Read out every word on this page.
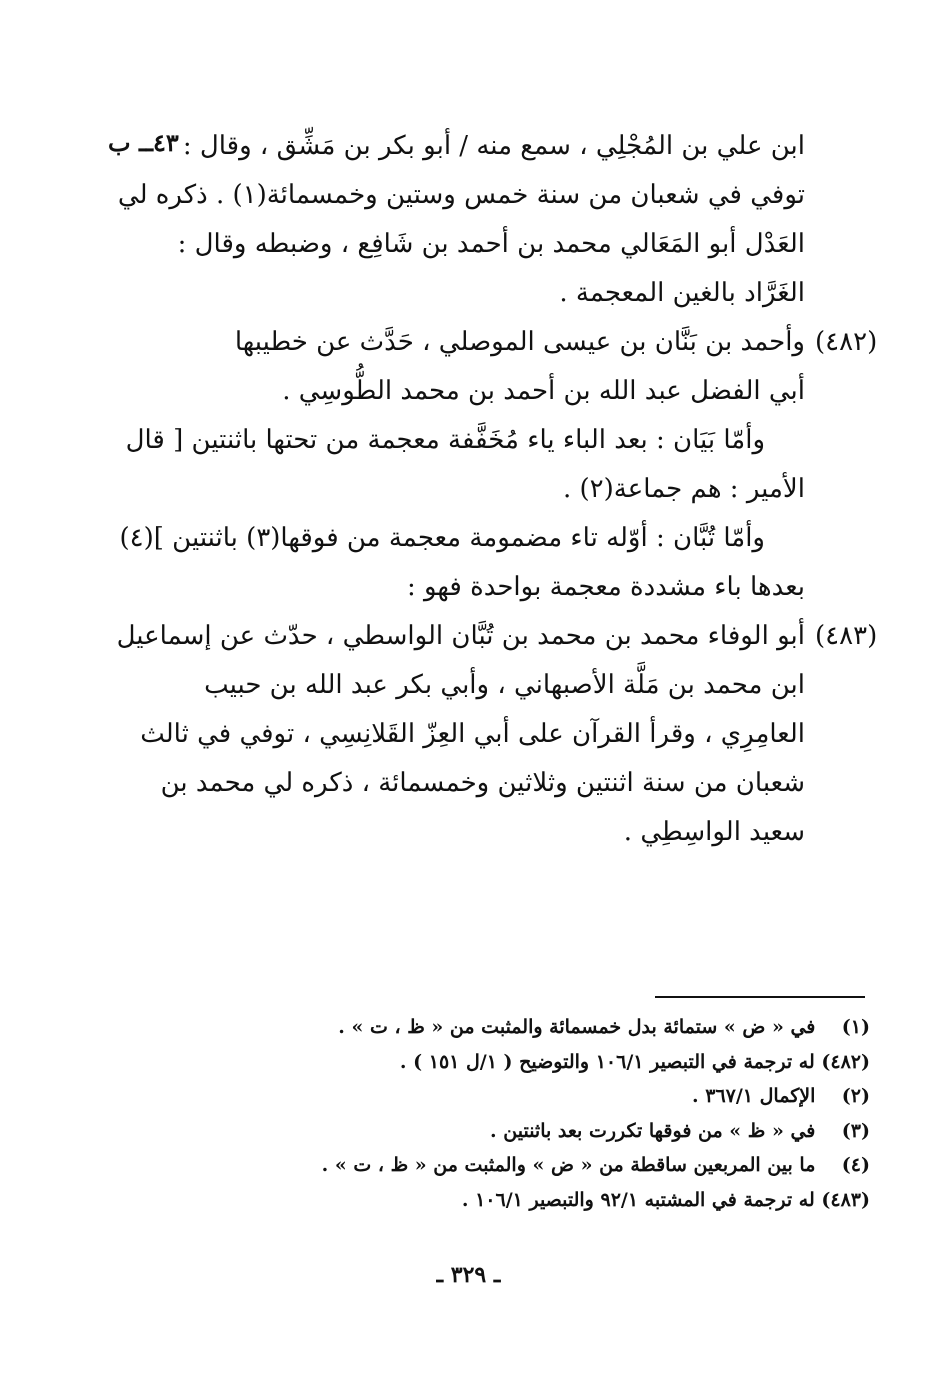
٤٣ــ ب ابن علي بن المُجْلِي ، سمع منه / أبو بكر بن مَشِّق ، وقال :
توفي في شعبان من سنة خمس وستين وخمسمائة(١) . ذكره لي
العَدْل أبو المَعَالي محمد بن أحمد بن شَافِع ، وضبطه وقال :
الغَرَّاد بالغين المعجمة .
(٤٨٢)
وأحمد بن بَنَّان بن عيسى الموصلي ، حَدَّث عن خطيبها
أبي الفضل عبد الله بن أحمد بن محمد الطُّوسِي .
وأمّا بَيَان : بعد الباء ياء مُخَفَّفة معجمة من تحتها باثنتين [ قال
الأمير : هم جماعة(٢) .
وأمّا تُبَّان : أوّله تاء مضمومة معجمة من فوقها(٣) باثنتين ](٤)
بعدها باء مشددة معجمة بواحدة فهو :
(٤٨٣)
أبو الوفاء محمد بن محمد بن تُبَّان الواسطي ، حدّث عن إسماعيل
ابن محمد بن مَلَّة الأصبهاني ، وأبي بكر عبد الله بن حبيب
العامِرِي ، وقرأ القرآن على أبي العِزّ القَلانِسِي ، توفي في ثالث
شعبان من سنة اثنتين وثلاثين وخمسمائة ، ذكره لي محمد بن
سعيد الواسِطِي .
(١) في « ض » ستمائة بدل خمسمائة والمثبت من « ظ ، ت » .
(٤٨٢) له ترجمة في التبصير ١٠٦/١ والتوضيح ( ١/ل ١٥١ ) .
(٢) الإكمال ٣٦٧/١ .
(٣) في « ظ » من فوقها تكررت بعد باثنتين .
(٤) ما بين المربعين ساقطة من « ض » والمثبت من « ظ ، ت » .
(٤٨٣) له ترجمة في المشتبه ٩٢/١ والتبصير ١٠٦/١ .
ـ ٣٢٩ ـ
